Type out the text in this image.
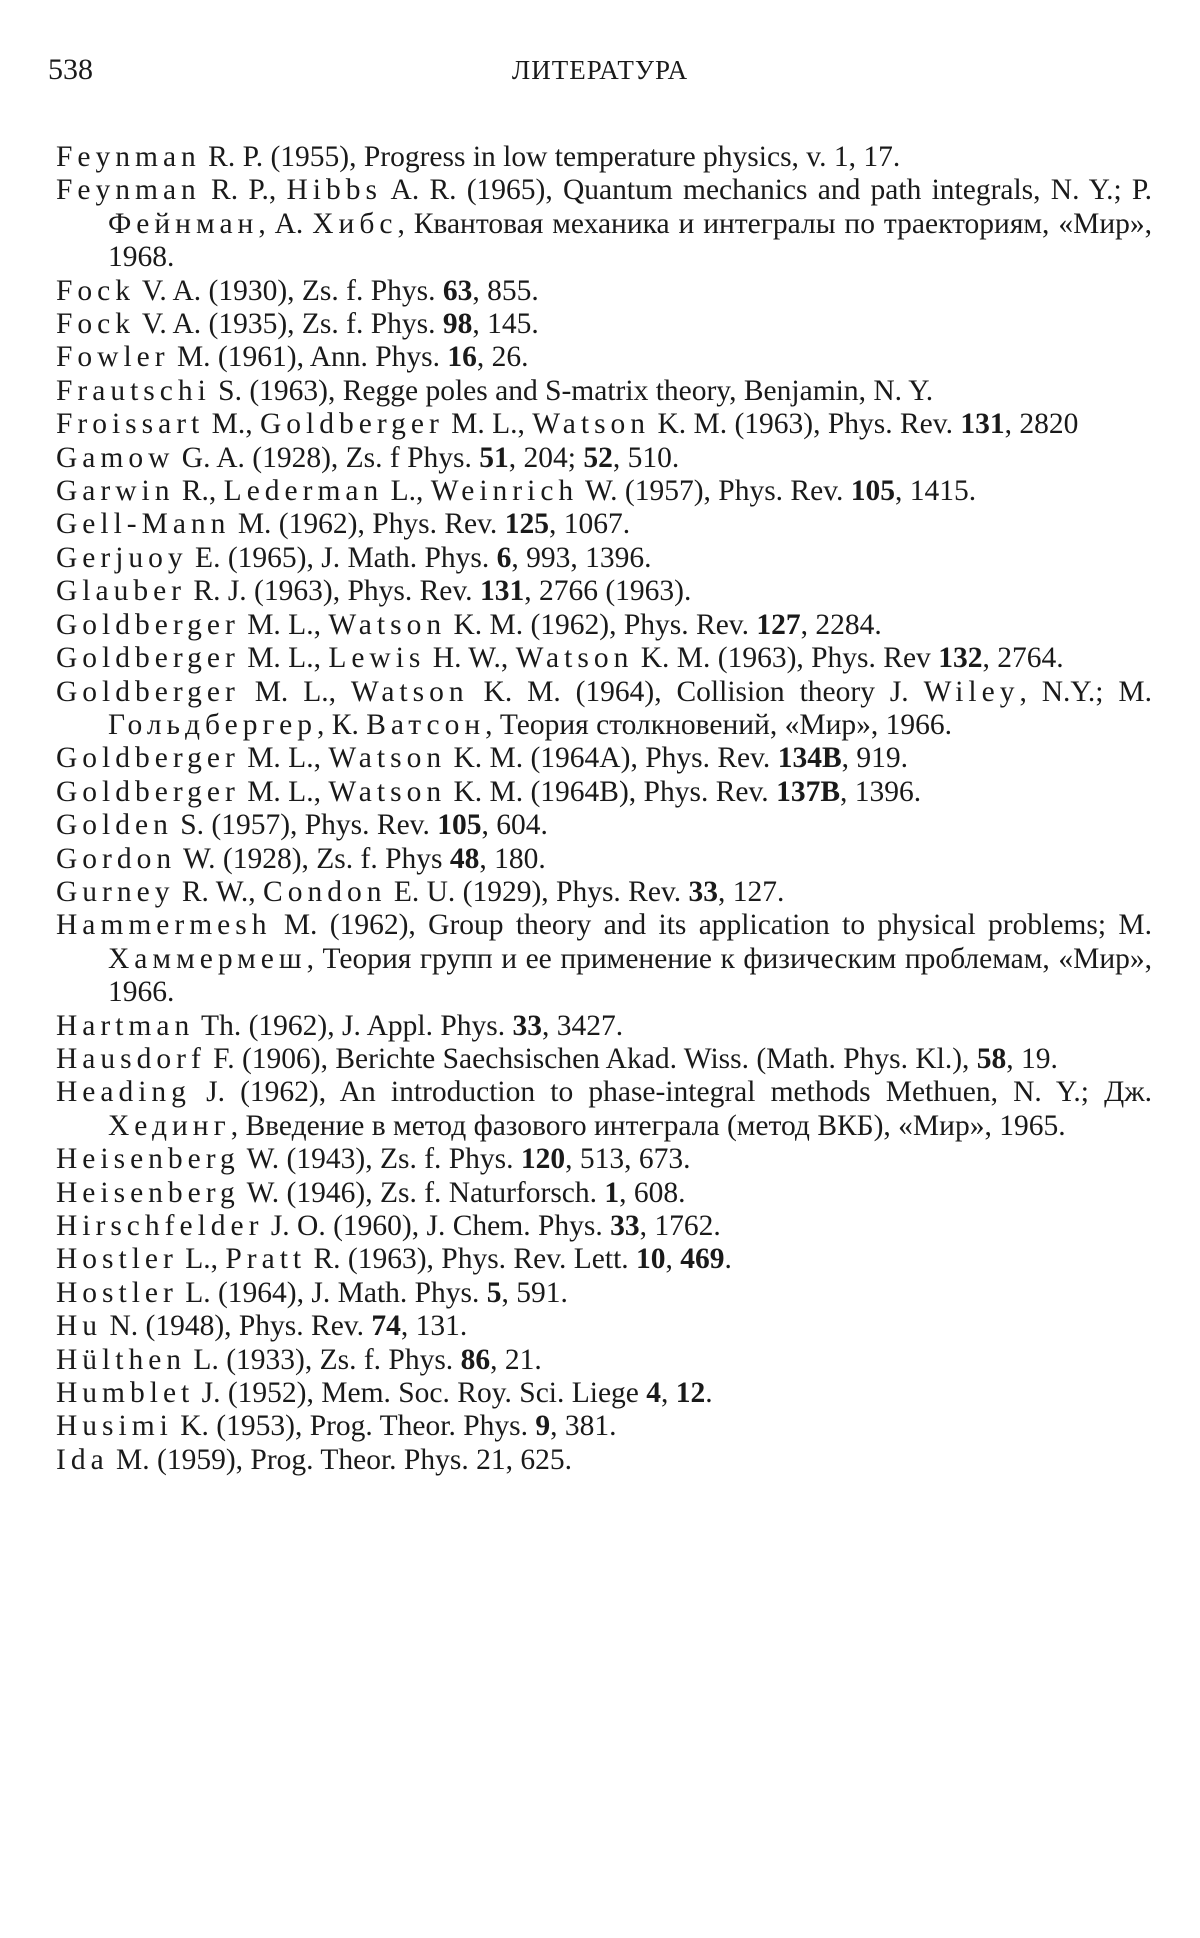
538	ЛИТЕРАТУРА
Feynman R. P. (1955), Progress in low temperature physics, v. 1, 17.
Feynman R. P., Hibbs A. R. (1965), Quantum mechanics and path integrals, N. Y.; Р. Фейнман, А. Хибс, Квантовая механика и интегралы по траекториям, «Мир», 1968.
Fock V. A. (1930), Zs. f. Phys. 63, 855.
Fock V. A. (1935), Zs. f. Phys. 98, 145.
Fowler M. (1961), Ann. Phys. 16, 26.
Frautschi S. (1963), Regge poles and S-matrix theory, Benjamin, N. Y.
Froissart M., Goldberger M. L., Watson K. M. (1963), Phys. Rev. 131, 2820
Gamow G. A. (1928), Zs. f Phys. 51, 204; 52, 510.
Garwin R., Lederman L., Weinrich W. (1957), Phys. Rev. 105, 1415.
Gell-Mann M. (1962), Phys. Rev. 125, 1067.
Gerjuoy E. (1965), J. Math. Phys. 6, 993, 1396.
Glauber R. J. (1963), Phys. Rev. 131, 2766 (1963).
Goldberger M. L., Watson K. M. (1962), Phys. Rev. 127, 2284.
Goldberger M. L., Lewis H. W., Watson K. M. (1963), Phys. Rev 132, 2764.
Goldberger M. L., Watson K. M. (1964), Collision theory J. Wiley, N.Y.; М. Гольдбергер, К. Ватсон, Теория столкновений, «Мир», 1966.
Goldberger M. L., Watson K. M. (1964A), Phys. Rev. 134B, 919.
Goldberger M. L., Watson K. M. (1964B), Phys. Rev. 137B, 1396.
Golden S. (1957), Phys. Rev. 105, 604.
Gordon W. (1928), Zs. f. Phys 48, 180.
Gurney R. W., Condon E. U. (1929), Phys. Rev. 33, 127.
Hammermesh M. (1962), Group theory and its application to physical problems; М. Хаммермеш, Теория групп и ее применение к физическим проблемам, «Мир», 1966.
Hartman Th. (1962), J. Appl. Phys. 33, 3427.
Hausdorf F. (1906), Berichte Saechsischen Akad. Wiss. (Math. Phys. Kl.), 58, 19.
Heading J. (1962), An introduction to phase-integral methods Methuen, N. Y.; Дж. Хединг, Введение в метод фазового интеграла (метод ВКБ), «Мир», 1965.
Heisenberg W. (1943), Zs. f. Phys. 120, 513, 673.
Heisenberg W. (1946), Zs. f. Naturforsch. 1, 608.
Hirschfelder J. O. (1960), J. Chem. Phys. 33, 1762.
Hostler L., Pratt R. (1963), Phys. Rev. Lett. 10, 469.
Hostler L. (1964), J. Math. Phys. 5, 591.
Hu N. (1948), Phys. Rev. 74, 131.
Hülthen L. (1933), Zs. f. Phys. 86, 21.
Humblet J. (1952), Mem. Soc. Roy. Sci. Liege 4, 12.
Husimi K. (1953), Prog. Theor. Phys. 9, 381.
Ida M. (1959), Prog. Theor. Phys. 21, 625.
